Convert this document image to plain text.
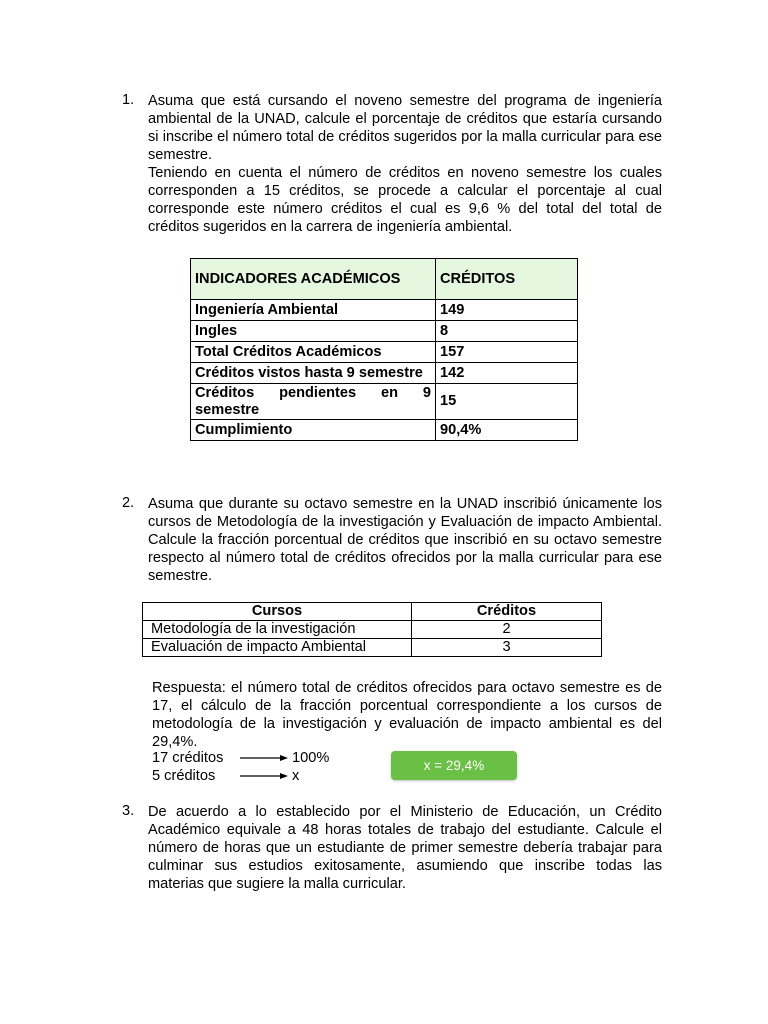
1. Asuma que está cursando el noveno semestre del programa de ingeniería ambiental de la UNAD, calcule el porcentaje de créditos que estaría cursando si inscribe el número total de créditos sugeridos por la malla curricular para ese semestre.

Teniendo en cuenta el número de créditos en noveno semestre los cuales corresponden a 15 créditos, se procede a calcular el porcentaje al cual corresponde este número créditos el cual es 9,6 % del total del total de créditos sugeridos en la carrera de ingeniería ambiental.

INDICADORES ACADÉMICOS	CRÉDITOS
Ingeniería Ambiental	149
Ingles	8
Total Créditos Académicos	157
Créditos vistos hasta 9 semestre	142

Créditos pendientes en 9
semestre	15
Cumplimiento	90,4%
2. Asuma que durante su octavo semestre en la UNAD inscribió únicamente los cursos de Metodología de la investigación y Evaluación de impacto Ambiental. Calcule la fracción porcentual de créditos que inscribió en su octavo semestre respecto al número total de créditos ofrecidos por la malla curricular para ese semestre.

Cursos	Créditos
Metodología de la investigación	2
Evaluación de impacto Ambiental	3

Respuesta: el número total de créditos ofrecidos para octavo semestre es de 17, el cálculo de la fracción porcentual correspondiente a los cursos de metodología de la investigación y evaluación de impacto ambiental es del 29,4%.

17 créditos	100%
5 créditos	x
x = 29,4%
3. De acuerdo a lo establecido por el Ministerio de Educación, un Crédito Académico equivale a 48 horas totales de trabajo del estudiante. Calcule el número de horas que un estudiante de primer semestre debería trabajar para culminar sus estudios exitosamente, asumiendo que inscribe todas las materias que sugiere la malla curricular.
